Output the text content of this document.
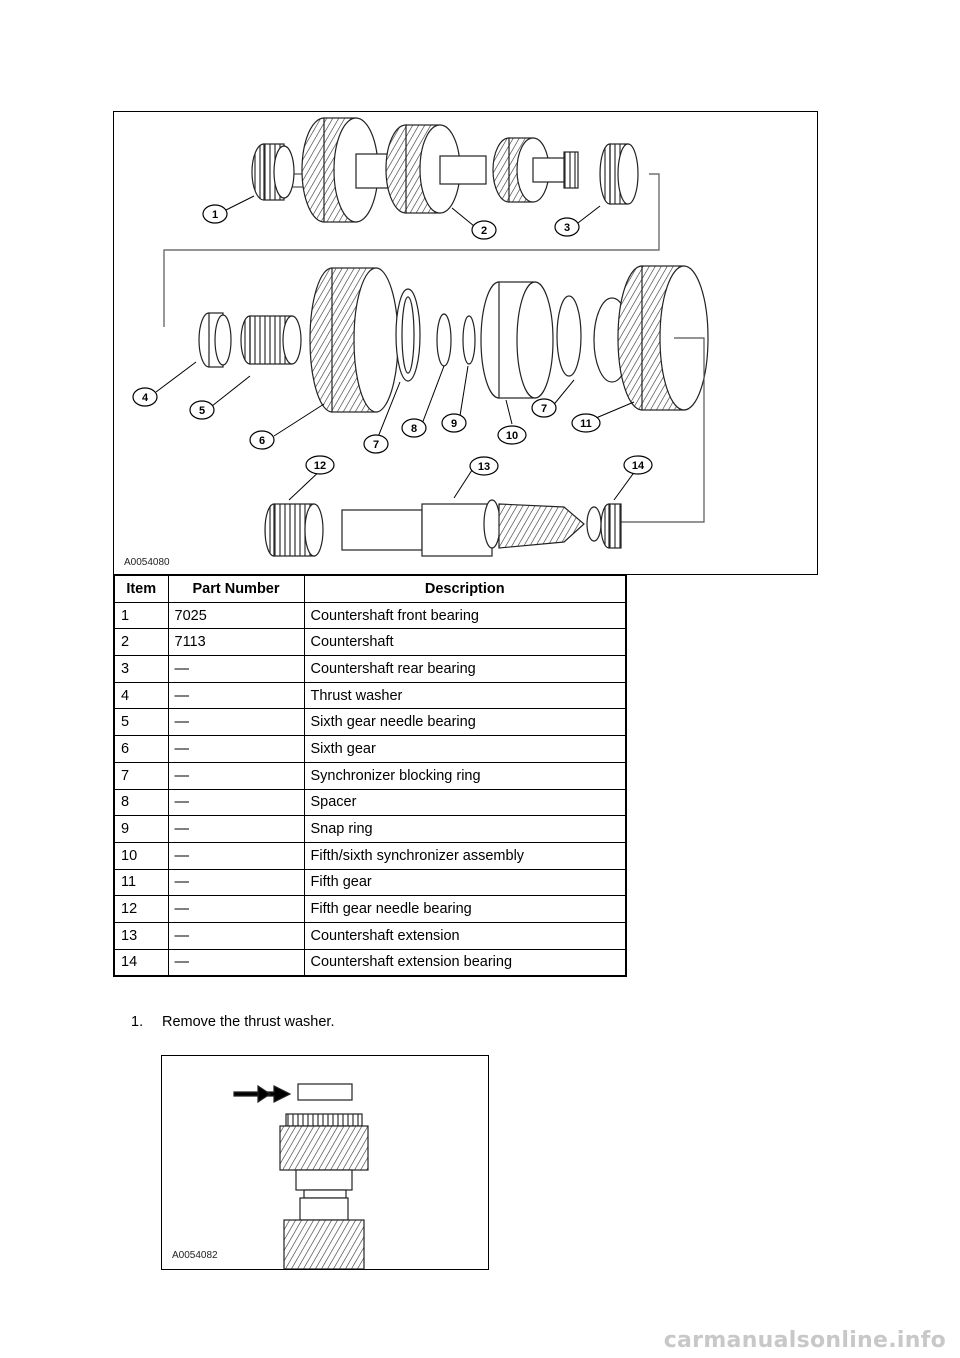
1
2	3
4
5
6	7
8	9
10
7
11
12	13	14
A0054080
Item	Part Number	Description
1	7025	Countershaft front bearing
2	7113	Countershaft
3	—	Countershaft rear bearing
4	—	Thrust washer
5	—	Sixth gear needle bearing
6	—	Sixth gear
7	—	Synchronizer blocking ring
8	—	Spacer
9	—	Snap ring
10	—	Fifth/sixth synchronizer assembly
11	—	Fifth gear
12	—	Fifth gear needle bearing
13	—	Countershaft extension
14	—	Countershaft extension bearing
1. Remove the thrust washer.
A0054082
carmanualsonline.info
